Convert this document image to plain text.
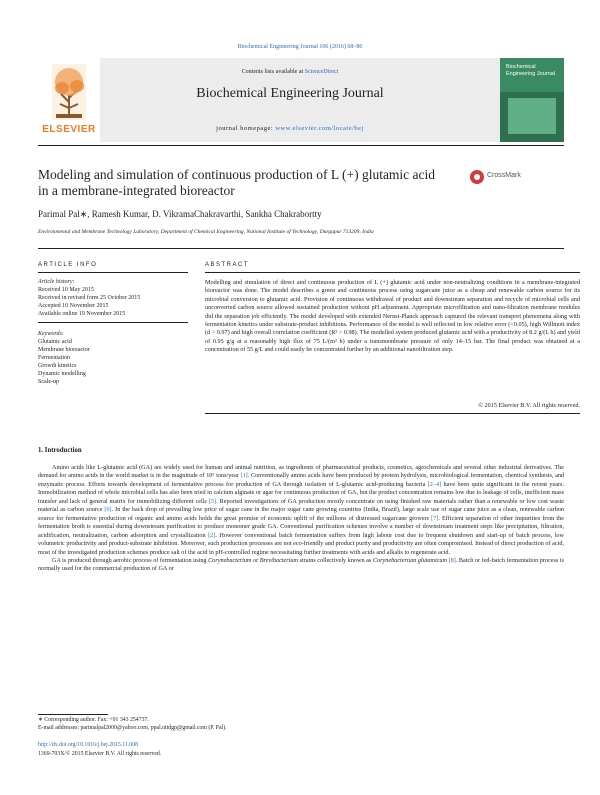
Biochemical Engineering Journal 106 (2016) 68–86
ELSEVIER
Contents lists available at ScienceDirect
Biochemical Engineering Journal
journal homepage: www.elsevier.com/locate/bej
Biochemical Engineering Journal
Modeling and simulation of continuous production of L (+) glutamic acid in a membrane-integrated bioreactor
CrossMark
Parimal Pal∗, Ramesh Kumar, D. VikramaChakravarthi, Sankha Chakrabortty
Environmental and Membrane Technology Laboratory, Department of Chemical Engineering, National Institute of Technology, Durgapur 713209, India
ARTICLE INFO
Article history:
Received 10 May 2015
Received in revised form 25 October 2015
Accepted 10 November 2015
Available online 19 November 2015
Keywords:
Glutamic acid
Membrane bioreactor
Fermentation
Growth kinetics
Dynamic modelling
Scale-up
ABSTRACT
Modelling and simulation of direct and continuous production of L (+) glutamic acid under non-neutralizing conditions in a membrane-integrated bioreactor was done. The model describes a green and continuous process using sugarcane juice as a cheap and renewable carbon source for its microbial conversion to glutamic acid. Provision of continuous withdrawal of product and downstream separation and recycle of microbial cells and unconverted carbon source allowed sustained production without pH adjustment. Appropriate microfiltration and nano-filtration membrane modules did the separation job efficiently. The model developed with extended Nernst-Planck approach captured the relevant transport phenomena along with fermentation kinetics under substrate-product inhibitions. Performance of the model is well reflected in low relative error (<0.05), high Willmott index (d > 0.97) and high overall correlation coefficient (R² > 0.98). The modelled system produced glutamic acid with a productivity of 8.2 g/(L h) and yield of 0.95 g/g at a reasonably high flux of 75 L/(m² h) under a transmembrane pressure of only 14–15 bar. The final product was obtained at a concentration of 55 g/L and could easily be concentrated further by an additional nanofiltration step.
© 2015 Elsevier B.V. All rights reserved.
1. Introduction

Amino acids like L-glutamic acid (GA) are widely used for human and animal nutrition, as ingredients of pharmaceutical products, cosmetics, agrochemicals and several other industrial derivatives. The demand for amino acids in the world market is in the magnitude of 10⁶ tons/year [1]. Conventionally amino acids have been produced by protein hydrolysis, microbiological fermentation, chemical synthesis, and enzymatic process. Efforts towards development of fermentative process for production of GA through isolation of L-glutamic acid-producing bacteria [2–4] have been quite significant in the recent years. Immobilization method of whole microbial cells has also been tried in calcium alginate or agar for continuous production of GA, but the product concentration remains low due to leakage of cells, inefficient mass transfer and lack of general matrix for immobilizing different cells [5]. Reported investigations of GA production mostly concentrate on using finished raw materials rather than a renewable or low cost waste material as carbon source [6]. In the back drop of prevailing low price of sugar cane in the major sugar cane growing countries (India, Brazil), large scale use of sugar cane juice as a clean, renewable carbon source for fermentative production of organic and amino acids holds the great promise of economic uplift of the millions of distressed sugarcane growers [7]. Efficient separation of other impurities from the fermentation broth is essential during downstream purification to produce monomer grade GA. Conventional purification schemes involve a number of downstream treatment steps like precipitation, filtration, acidification, neutralization, carbon adsorption and crystallization [2]. However conventional batch fermentation suffers from high labour cost due to frequent shutdown and start-up of batch process, low volumetric productivity and product-substrate inhibition. Moreover, such production processes are not eco-friendly and product purity and productivity are often compromised. Instead of direct production of acid, most of the investigated production schemes produce salt of the acid in pH-controlled regime necessitating further treatments with acids and alkalis to regenerate acid.

GA is produced through aerobic process of fermentation using Corynebacterium or Brevibacterium strains collectively known as Corynebacterium glutamicum [8]. Batch or fed-batch fermentation process is normally used for the commercial production of GA or

∗ Corresponding author. Fax: +91 343 254737.
E-mail addresses: parimalpal2000@yahoo.com, ppal.nitdgp@gmail.com (P. Pal).
http://dx.doi.org/10.1016/j.bej.2015.11.008
1369-703X/© 2015 Elsevier B.V. All rights reserved.
